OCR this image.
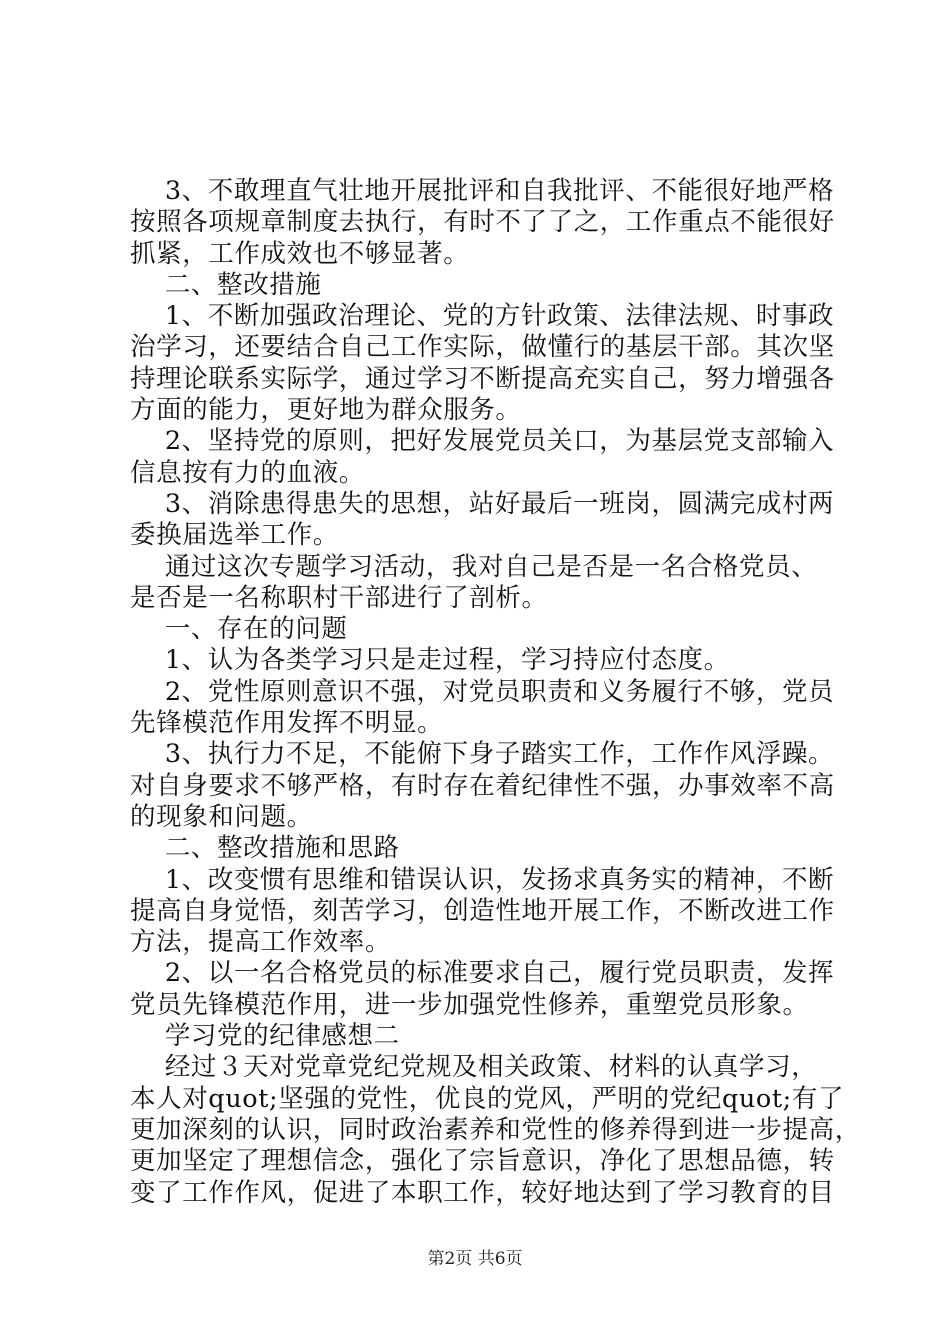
3、不敢理直气壮地开展批评和自我批评、不能很好地严格
按照各项规章制度去执行，有时不了了之，工作重点不能很好
抓紧，工作成效也不够显著。
二、整改措施
1、不断加强政治理论、党的方针政策、法律法规、时事政
治学习，还要结合自己工作实际，做懂行的基层干部。其次坚
持理论联系实际学，通过学习不断提高充实自己，努力增强各
方面的能力，更好地为群众服务。
2、坚持党的原则，把好发展党员关口，为基层党支部输入
信息按有力的血液。
3、消除患得患失的思想，站好最后一班岗，圆满完成村两
委换届选举工作。
通过这次专题学习活动，我对自己是否是一名合格党员、
是否是一名称职村干部进行了剖析。
一、存在的问题
1、认为各类学习只是走过程，学习持应付态度。
2、党性原则意识不强，对党员职责和义务履行不够，党员
先锋模范作用发挥不明显。
3、执行力不足，不能俯下身子踏实工作，工作作风浮躁。
对自身要求不够严格，有时存在着纪律性不强，办事效率不高
的现象和问题。
二、整改措施和思路
1、改变惯有思维和错误认识，发扬求真务实的精神，不断
提高自身觉悟，刻苦学习，创造性地开展工作，不断改进工作
方法，提高工作效率。
2、以一名合格党员的标准要求自己，履行党员职责，发挥
党员先锋模范作用，进一步加强党性修养，重塑党员形象。
学习党的纪律感想二
经过３天对党章党纪党规及相关政策、材料的认真学习，
本人对quot;坚强的党性，优良的党风，严明的党纪quot;有了
更加深刻的认识，同时政治素养和党性的修养得到进一步提高，
更加坚定了理想信念，强化了宗旨意识，净化了思想品德，转
变了工作作风，促进了本职工作，较好地达到了学习教育的目
第2页 共6页
